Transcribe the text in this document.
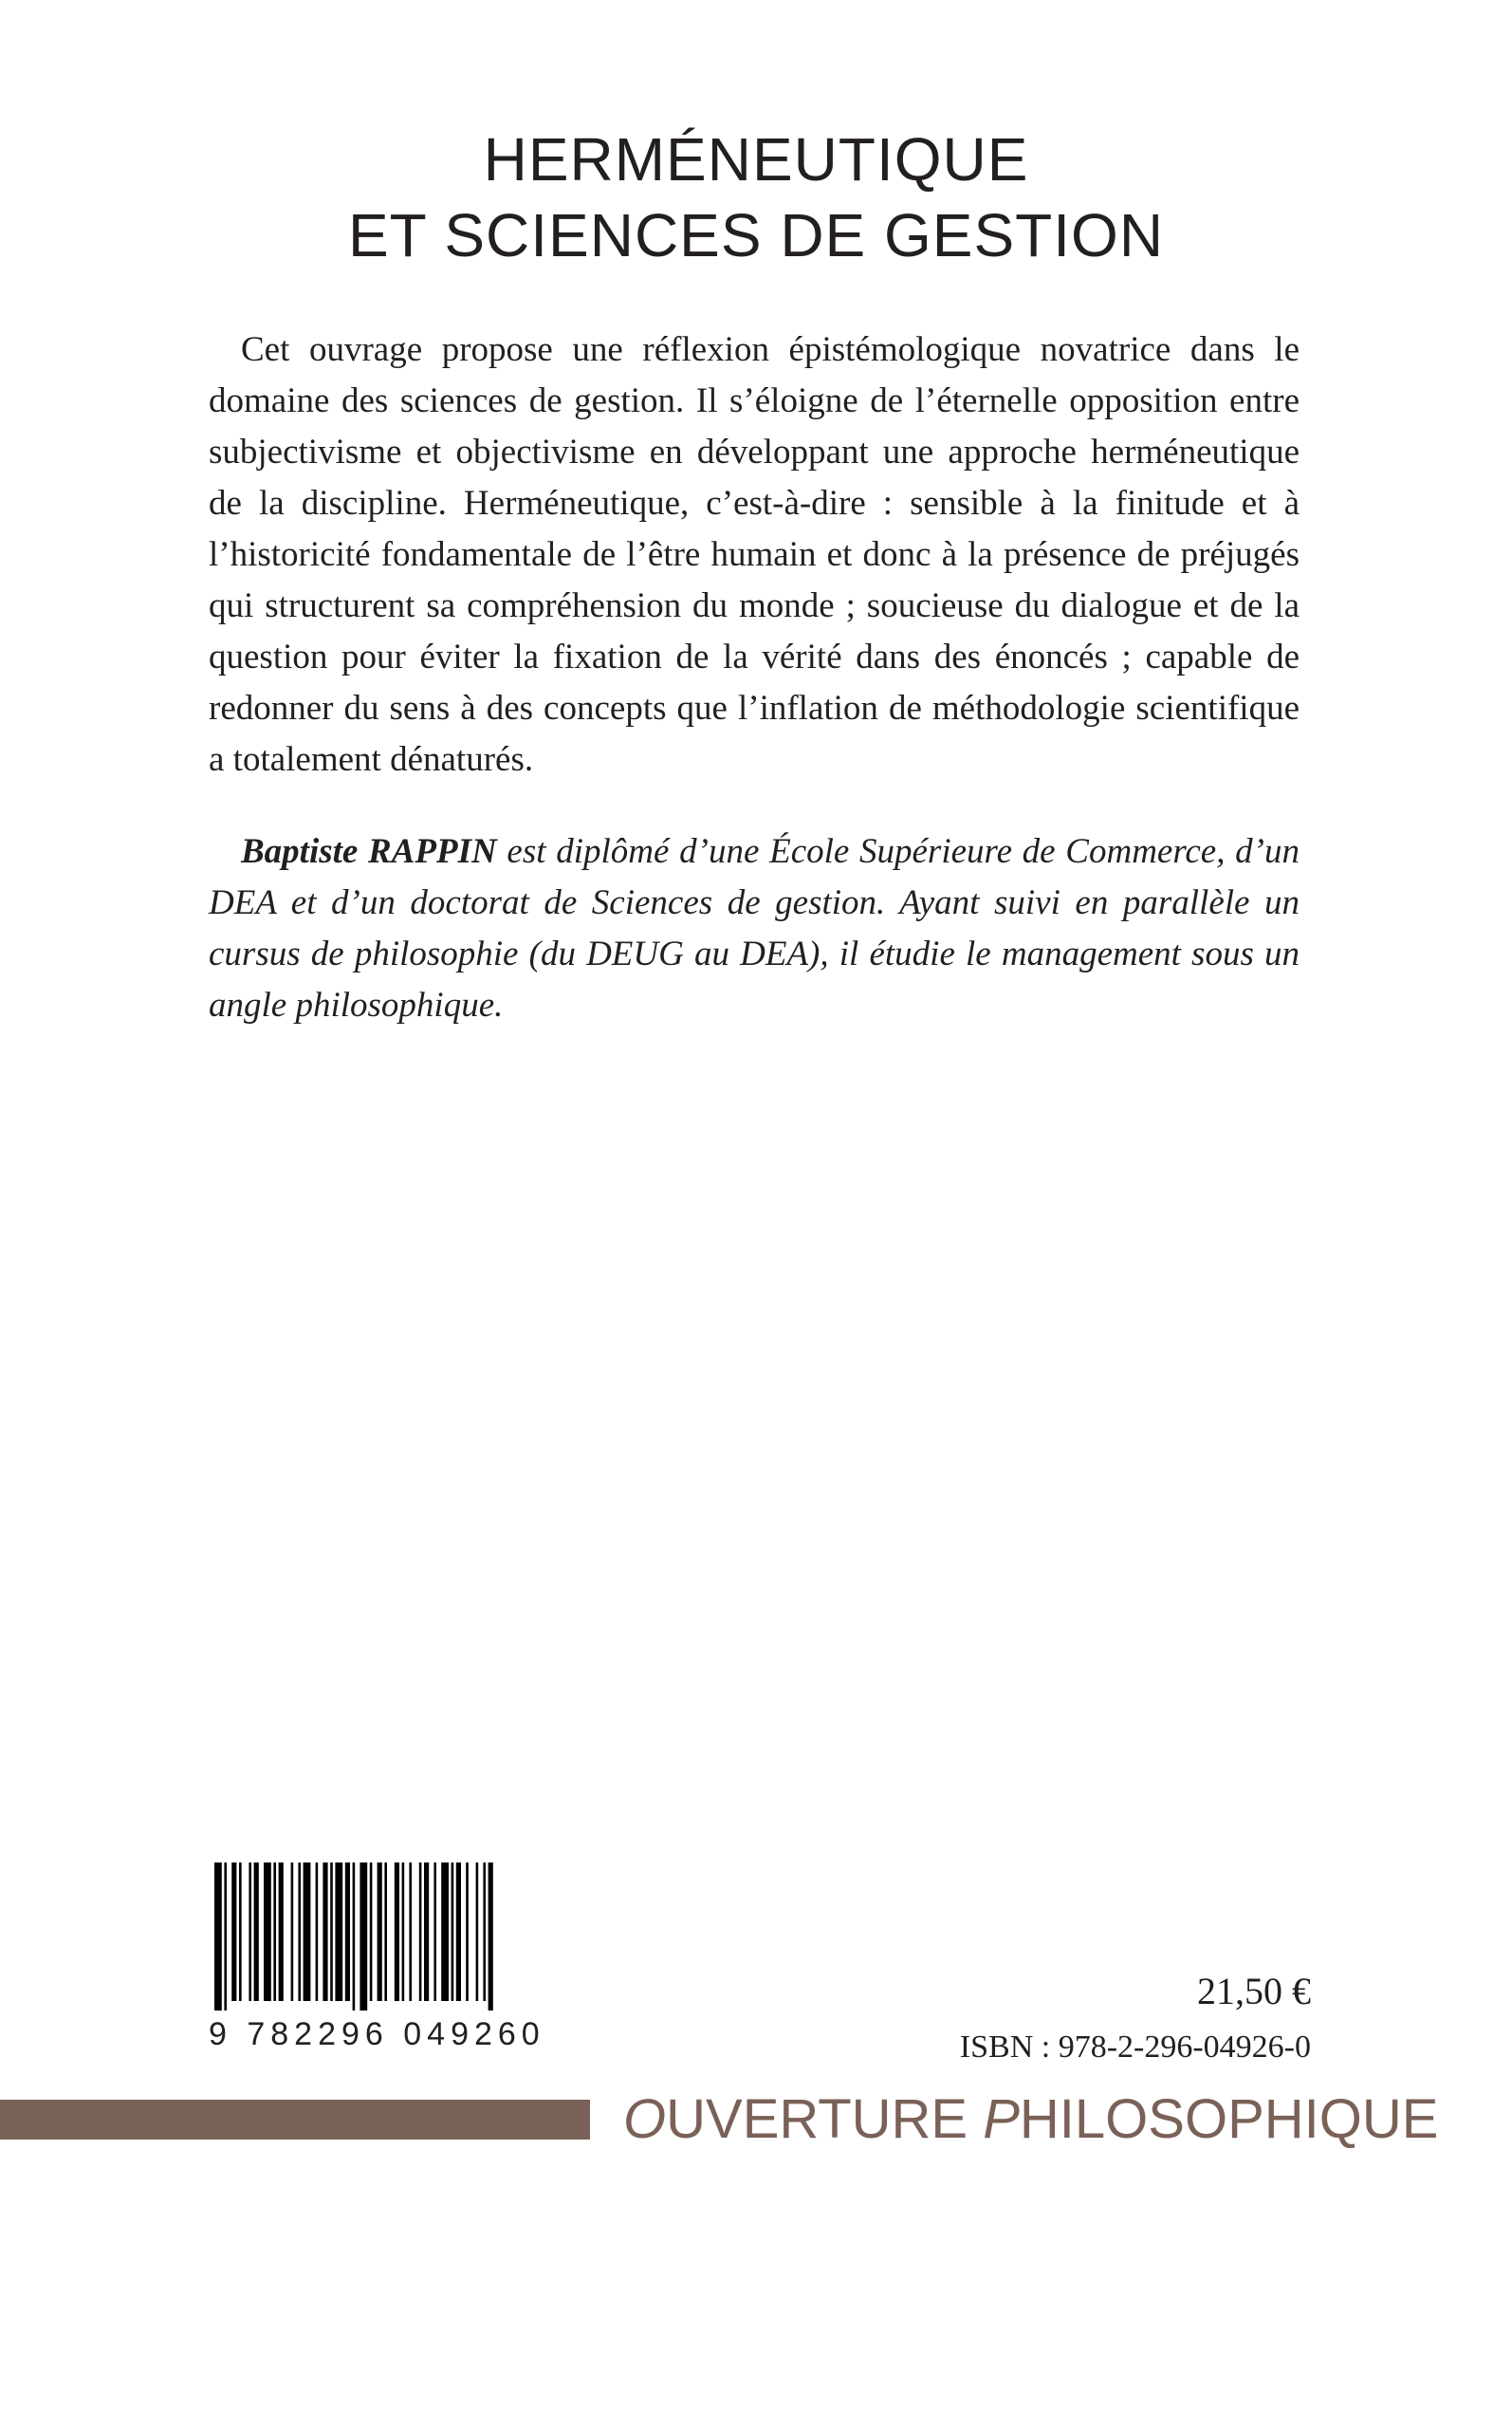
HERMÉNEUTIQUE
ET SCIENCES DE GESTION

Cet ouvrage propose une réflexion épistémologique novatrice dans le domaine des sciences de gestion. Il s’éloigne de l’éternelle opposition entre subjectivisme et objectivisme en développant une approche herméneutique de la discipline. Herméneutique, c’est-à-dire : sensible à la finitude et à l’historicité fondamentale de l’être humain et donc à la présence de préjugés qui structurent sa compréhension du monde ; soucieuse du dialogue et de la question pour éviter la fixation de la vérité dans des énoncés ; capable de redonner du sens à des concepts que l’inflation de méthodologie scientifique a totalement dénaturés.

Baptiste RAPPIN est diplômé d’une École Supérieure de Commerce, d’un DEA et d’un doctorat de Sciences de gestion. Ayant suivi en parallèle un cursus de philosophie (du DEUG au DEA), il étudie le management sous un angle philosophique.

9 782296 049260
21,50 €
ISBN : 978-2-296-04926-0
OUVERTURE PHILOSOPHIQUE
